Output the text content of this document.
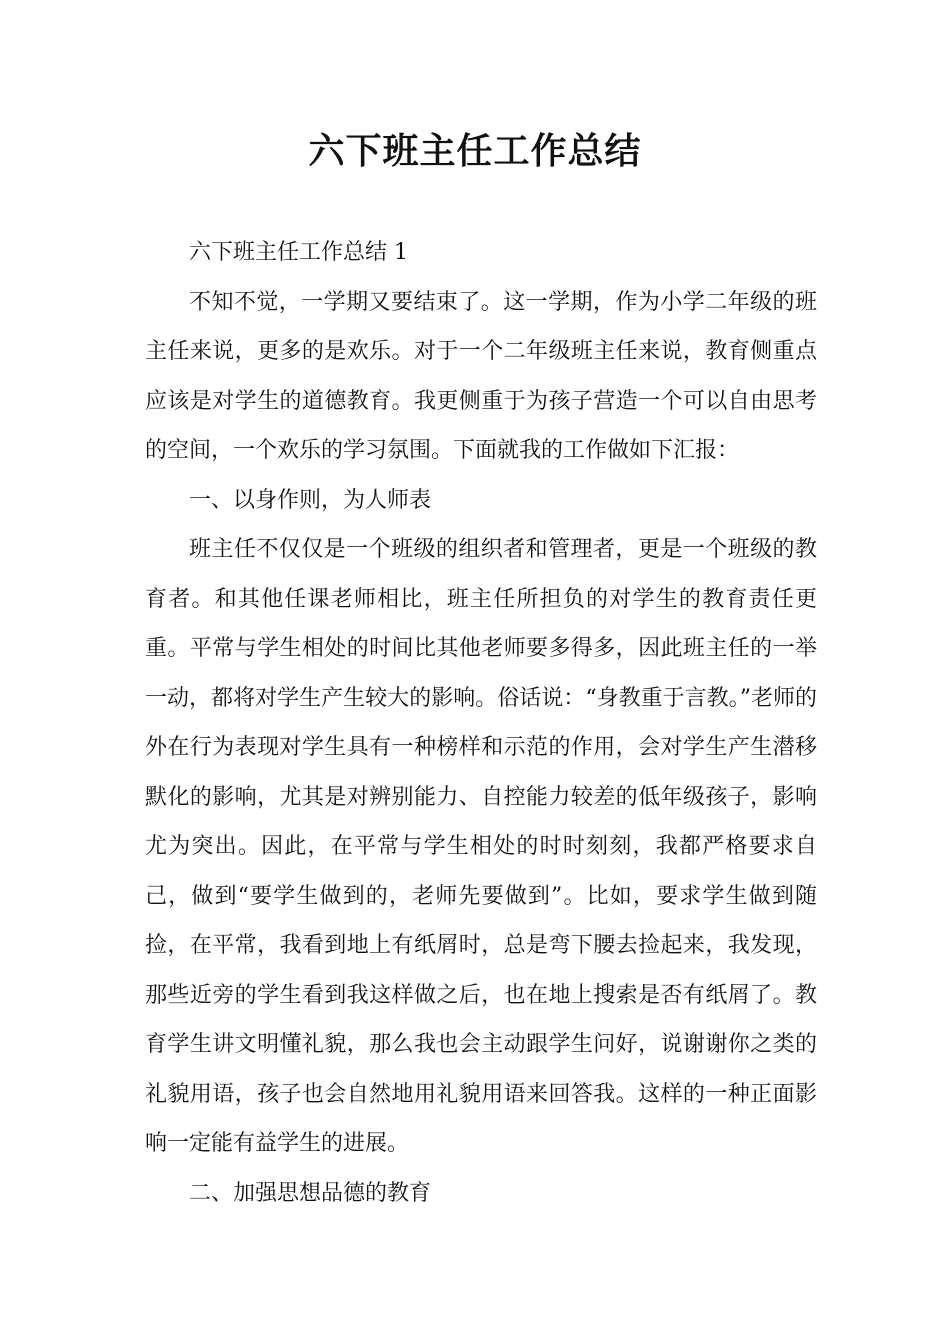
六下班主任工作总结

六下班主任工作总结 1

不知不觉，一学期又要结束了。这一学期，作为小学二年级的班主任来说，更多的是欢乐。对于一个二年级班主任来说，教育侧重点应该是对学生的道德教育。我更侧重于为孩子营造一个可以自由思考的空间，一个欢乐的学习氛围。下面就我的工作做如下汇报：

一、以身作则，为人师表

班主任不仅仅是一个班级的组织者和管理者，更是一个班级的教育者。和其他任课老师相比，班主任所担负的对学生的教育责任更重。平常与学生相处的时间比其他老师要多得多，因此班主任的一举一动，都将对学生产生较大的影响。俗话说：“身教重于言教。”老师的外在行为表现对学生具有一种榜样和示范的作用，会对学生产生潜移默化的影响，尤其是对辨别能力、自控能力较差的低年级孩子，影响尤为突出。因此，在平常与学生相处的时时刻刻，我都严格要求自己，做到“要学生做到的，老师先要做到”。比如，要求学生做到随捡，在平常，我看到地上有纸屑时，总是弯下腰去捡起来，我发现，那些近旁的学生看到我这样做之后，也在地上搜索是否有纸屑了。教育学生讲文明懂礼貌，那么我也会主动跟学生问好，说谢谢你之类的礼貌用语，孩子也会自然地用礼貌用语来回答我。这样的一种正面影响一定能有益学生的进展。

二、加强思想品德的教育
